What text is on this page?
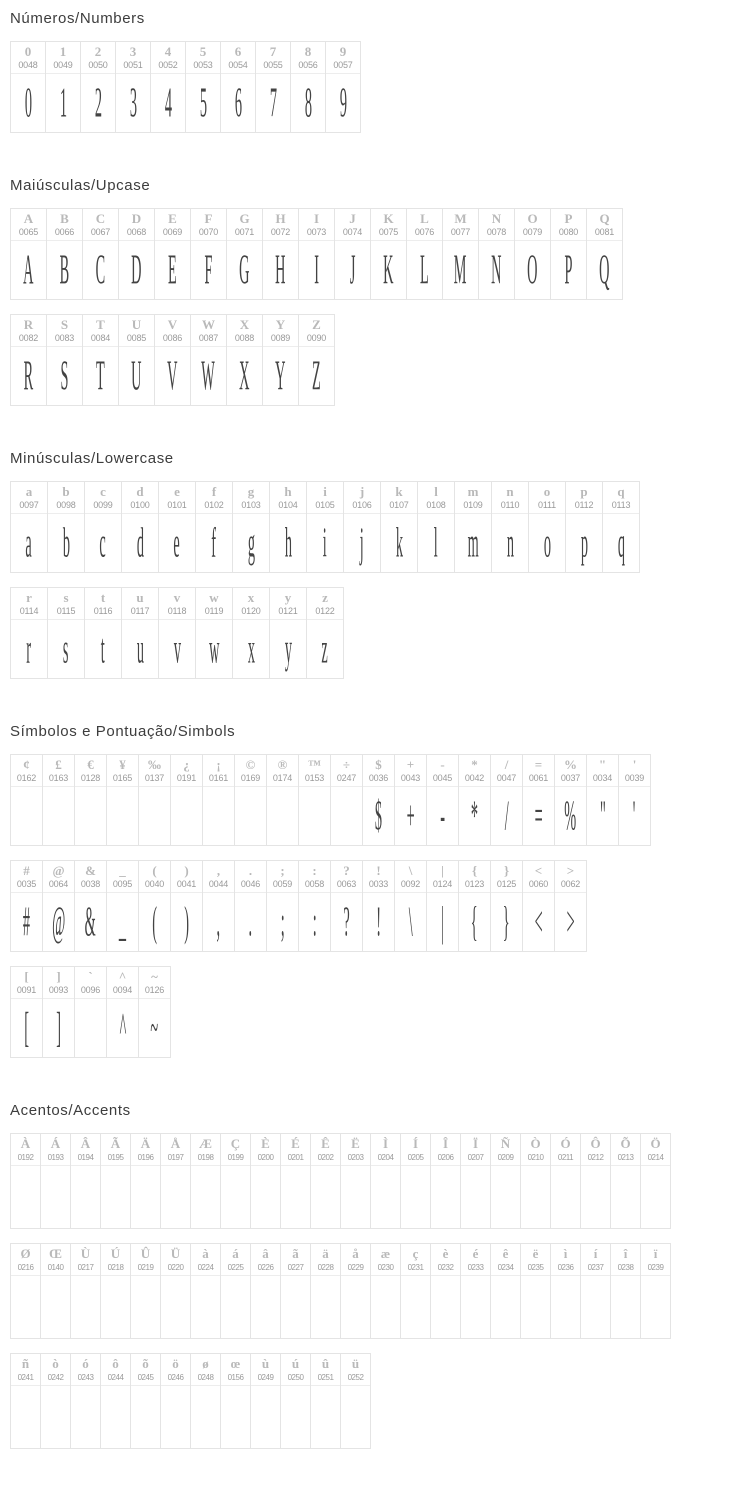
Números/Numbers
0
0048
0
1
0049
1
2
0050
2
3
0051
3
4
0052
4
5
0053
5
6
0054
6
7
0055
7
8
0056
8
9
0057
9
Maiúsculas/Upcase
A
0065
A
B
0066
B
C
0067
C
D
0068
D
E
0069
E
F
0070
F
G
0071
G
H
0072
H
I
0073
I
J
0074
J
K
0075
K
L
0076
L
M
0077
M
N
0078
N
O
0079
O
P
0080
P
Q
0081
Q
R
0082
R
S
0083
S
T
0084
T
U
0085
U
V
0086
V
W
0087
W
X
0088
X
Y
0089
Y
Z
0090
Z
Minúsculas/Lowercase
a
0097
a
b
0098
b
c
0099
c
d
0100
d
e
0101
e
f
0102
f
g
0103
g
h
0104
h
i
0105
i
j
0106
j
k
0107
k
l
0108
l
m
0109
m
n
0110
n
o
0111
o
p
0112
p
q
0113
q
r
0114
r
s
0115
s
t
0116
t
u
0117
u
v
0118
v
w
0119
w
x
0120
x
y
0121
y
z
0122
z
Símbolos e Pontuação/Simbols
¢
0162
£
0163
€
0128
¥
0165
‰
0137
¿
0191
¡
0161
©
0169
®
0174
™
0153
÷
0247
$
0036
$
+
0043
+
-
0045
-
*
0042
*
/
0047
/
=
0061
=
%
0037
%
"
0034
"
'
0039
'
#
0035
#
@
0064
@
&
0038
&
_
0095
_
(
0040
(
)
0041
)
,
0044
,
.
0046
.
;
0059
;
:
0058
:
?
0063
?
!
0033
!
\
0092
\
|
0124
|
{
0123
{
}
0125
}
<
0060
<
>
0062
>
[
0091
[
]
0093
]
`
0096
^
0094
^
~
0126
~
Acentos/Accents
À
0192
Á
0193
Â
0194
Ã
0195
Ä
0196
Å
0197
Æ
0198
Ç
0199
È
0200
É
0201
Ê
0202
Ë
0203
Ì
0204
Í
0205
Î
0206
Ï
0207
Ñ
0209
Ò
0210
Ó
0211
Ô
0212
Õ
0213
Ö
0214
Ø
0216
Œ
0140
Ù
0217
Ú
0218
Û
0219
Ü
0220
à
0224
á
0225
â
0226
ã
0227
ä
0228
å
0229
æ
0230
ç
0231
è
0232
é
0233
ê
0234
ë
0235
ì
0236
í
0237
î
0238
ï
0239
ñ
0241
ò
0242
ó
0243
ô
0244
õ
0245
ö
0246
ø
0248
œ
0156
ù
0249
ú
0250
û
0251
ü
0252
